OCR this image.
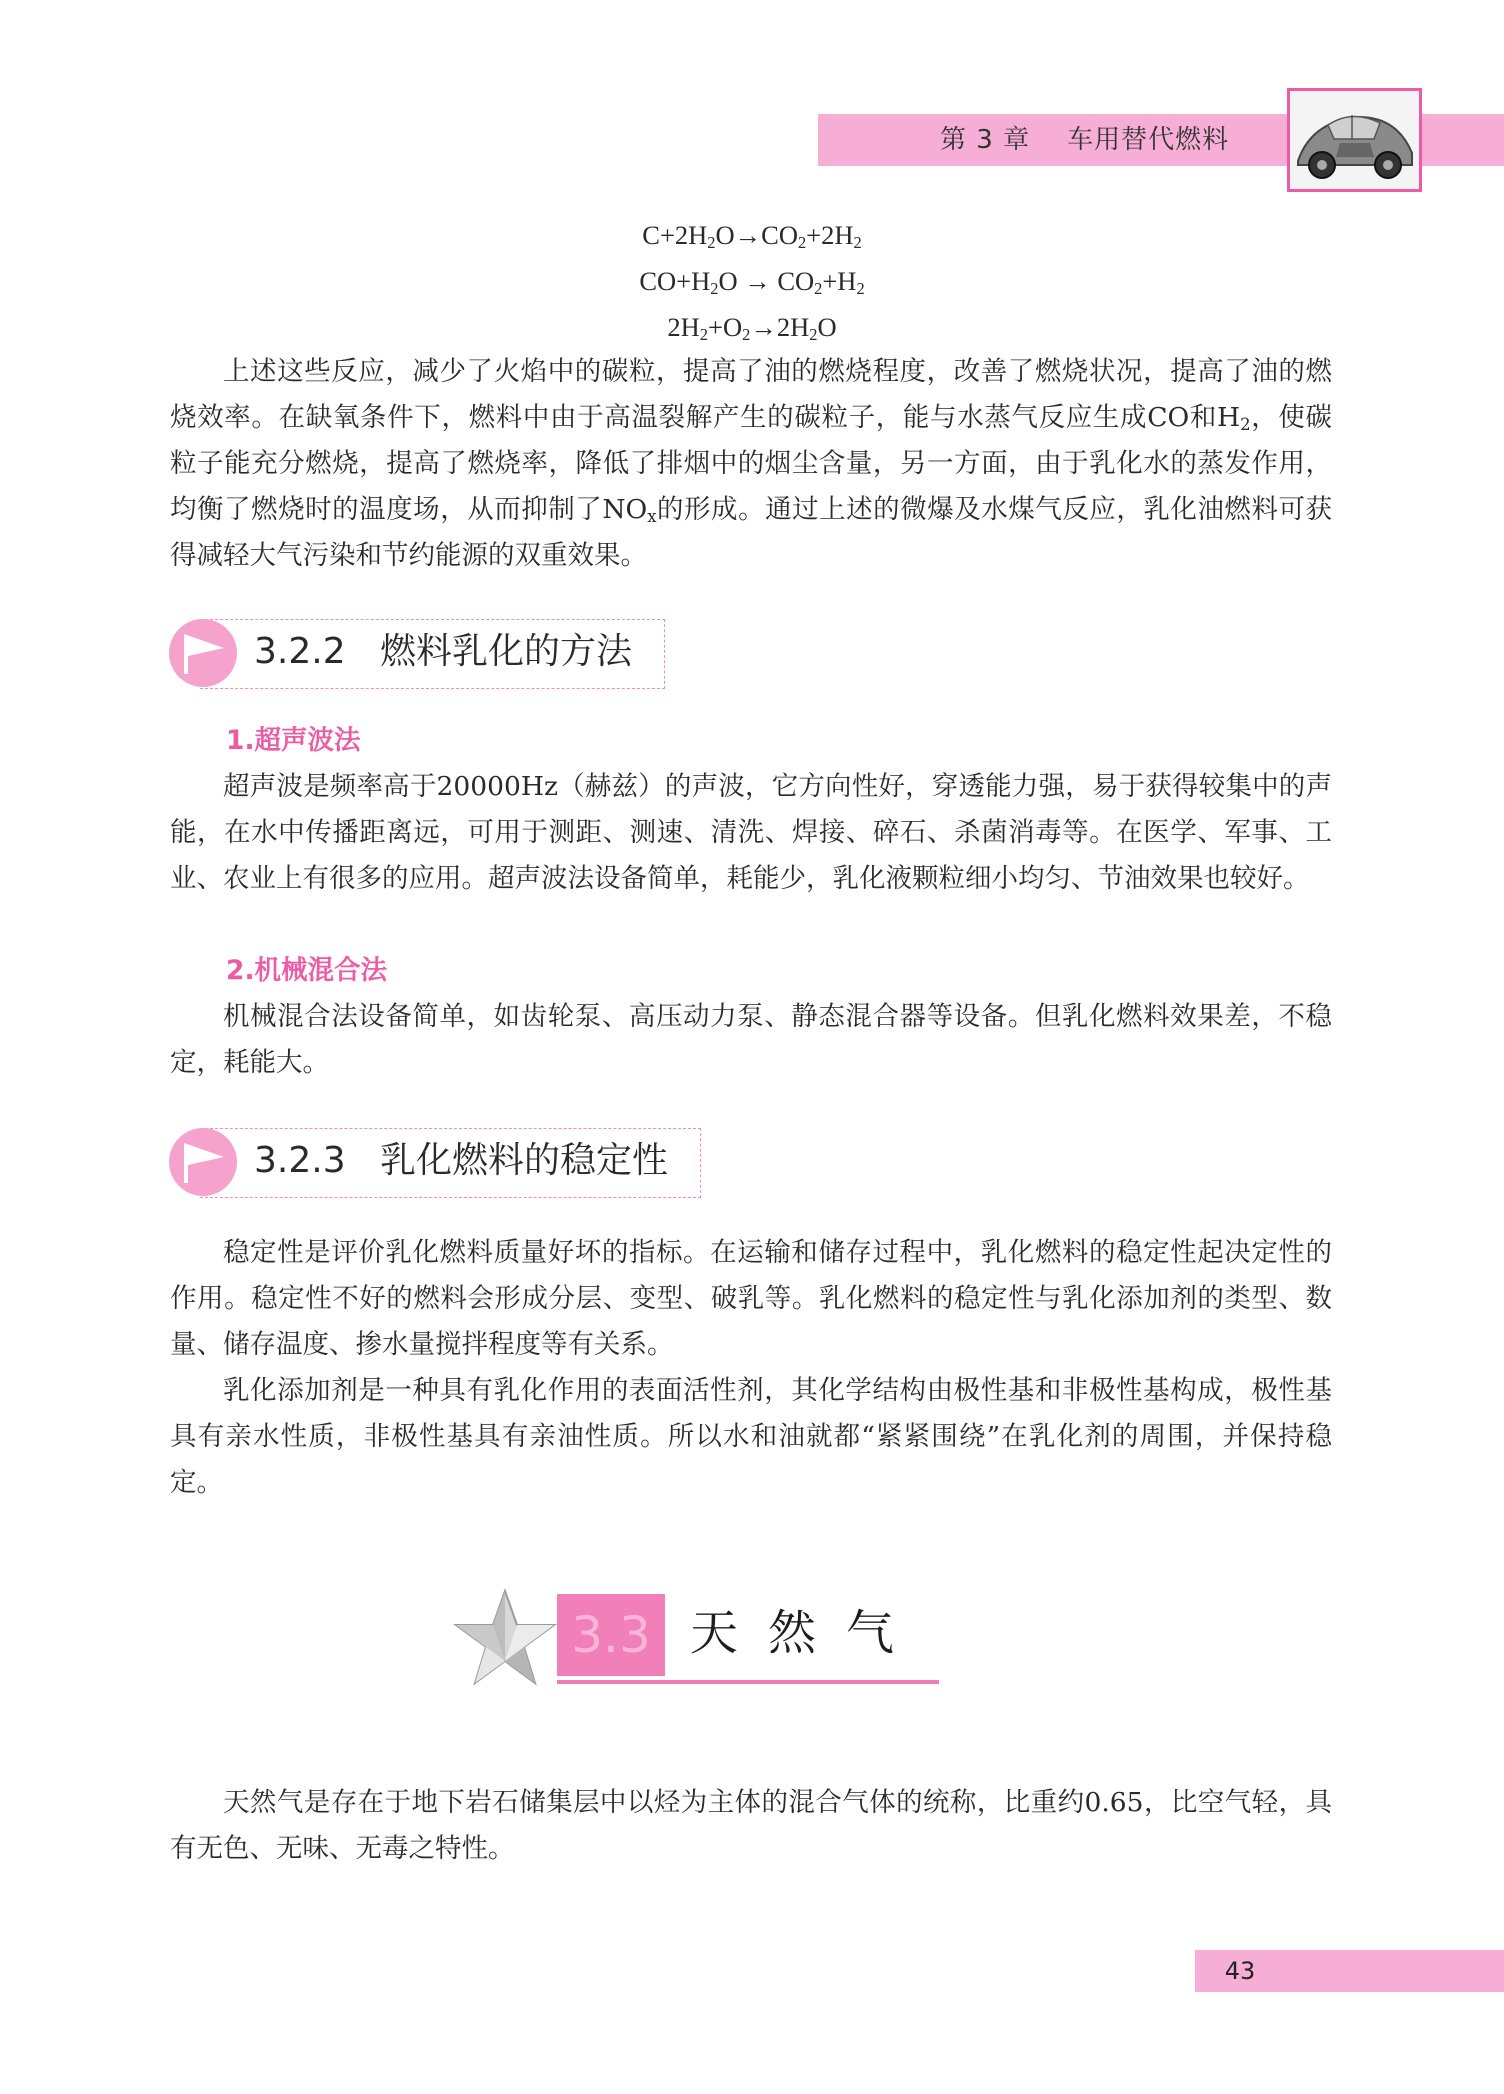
第 3 章    车用替代燃料

$C+2H_2O\to CO_2+2H_2$

$CO+H_2O \to CO_2+H_2$

$2H_2+O_2\to 2H_2O$

上述这些反应，减少了火焰中的碳粒，提高了油的燃烧程度，改善了燃烧状况，提高了油的燃烧效率。在缺氧条件下，燃料中由于高温裂解产生的碳粒子，能与水蒸气反应生成CO和$H_2$，使碳粒子能充分燃烧，提高了燃烧率，降低了排烟中的烟尘含量，另一方面，由于乳化水的蒸发作用，均衡了燃烧时的温度场，从而抑制了$NO_x$的形成。通过上述的微爆及水煤气反应，乳化油燃料可获得减轻大气污染和节约能源的双重效果。

3.2.2 燃料乳化的方法

1.超声波法

超声波是频率高于20000Hz（赫兹）的声波，它方向性好，穿透能力强，易于获得较集中的声能，在水中传播距离远，可用于测距、测速、清洗、焊接、碎石、杀菌消毒等。在医学、军事、工业、农业上有很多的应用。超声波法设备简单，耗能少，乳化液颗粒细小均匀、节油效果也较好。

2.机械混合法

机械混合法设备简单，如齿轮泵、高压动力泵、静态混合器等设备。但乳化燃料效果差，不稳定，耗能大。

3.2.3 乳化燃料的稳定性

稳定性是评价乳化燃料质量好坏的指标。在运输和储存过程中，乳化燃料的稳定性起决定性的作用。稳定性不好的燃料会形成分层、变型、破乳等。乳化燃料的稳定性与乳化添加剂的类型、数量、储存温度、掺水量搅拌程度等有关系。

乳化添加剂是一种具有乳化作用的表面活性剂，其化学结构由极性基和非极性基构成，极性基具有亲水性质，非极性基具有亲油性质。所以水和油就都“紧紧围绕”在乳化剂的周围，并保持稳定。

3.3 天然气

天然气是存在于地下岩石储集层中以烃为主体的混合气体的统称，比重约0.65，比空气轻，具有无色、无味、无毒之特性。

43
